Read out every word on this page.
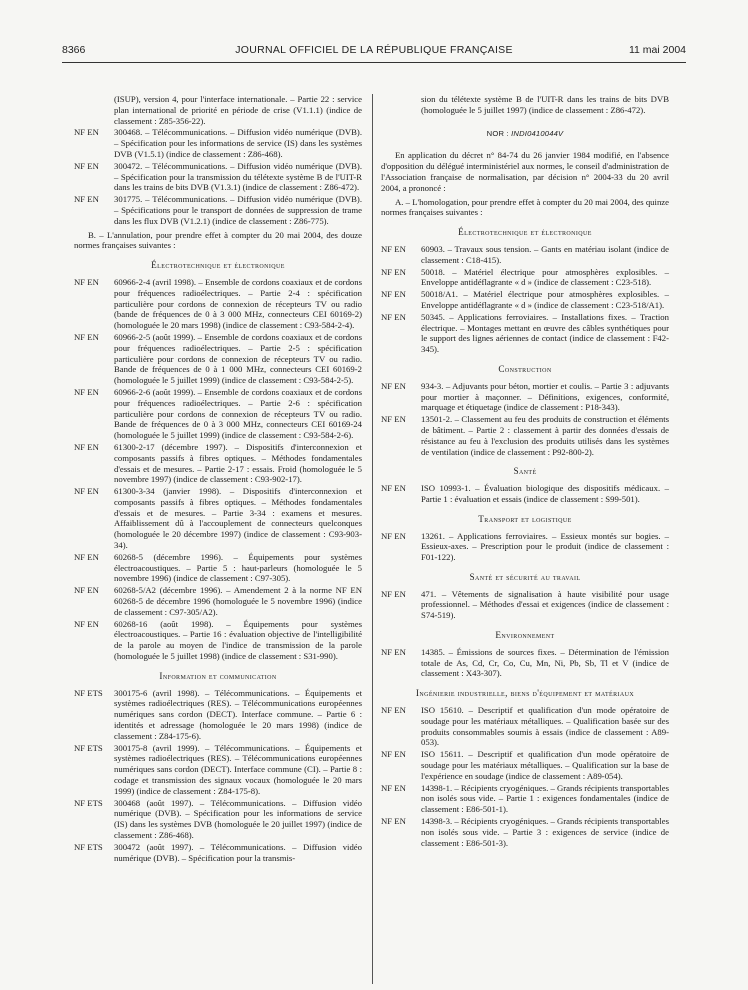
8366	JOURNAL OFFICIEL DE LA RÉPUBLIQUE FRANÇAISE	11 mai 2004
(ISUP), version 4, pour l'interface internationale. – Partie 22 : service plan international de priorité en période de crise (V1.1.1) (indice de classement : Z85-356-22).
NF EN 300468. – Télécommunications. – Diffusion vidéo numérique (DVB). – Spécification pour les informations de service (IS) dans les systèmes DVB (V1.5.1) (indice de classement : Z86-468).
NF EN 300472. – Télécommunications. – Diffusion vidéo numérique (DVB). – Spécification pour la transmission du télétexte système B de l'UIT-R dans les trains de bits DVB (V1.3.1) (indice de classement : Z86-472).
NF EN 301775. – Télécommunications. – Diffusion vidéo numérique (DVB). – Spécifications pour le transport de données de suppression de trame dans les flux DVB (V1.2.1) (indice de classement : Z86-775).
B. – L'annulation, pour prendre effet à compter du 20 mai 2004, des douze normes françaises suivantes :
Électrotechnique et électronique
NF EN 60966-2-4 (avril 1998). – Ensemble de cordons coaxiaux et de cordons pour fréquences radioélectriques. – Partie 2-4 : spécification particulière pour cordons de connexion de récepteurs TV ou radio (bande de fréquences de 0 à 3 000 MHz, connecteurs CEI 60169-2) (homologuée le 20 mars 1998) (indice de classement : C93-584-2-4).
NF EN 60966-2-5 (août 1999). – Ensemble de cordons coaxiaux et de cordons pour fréquences radioélectriques. – Partie 2-5 : spécification particulière pour cordons de connexion de récepteurs TV ou radio. Bande de fréquences de 0 à 1 000 MHz, connecteurs CEI 60169-2 (homologuée le 5 juillet 1999) (indice de classement : C93-584-2-5).
NF EN 60966-2-6 (août 1999). – Ensemble de cordons coaxiaux et de cordons pour fréquences radioélectriques. – Partie 2-6 : spécification particulière pour cordons de connexion de récepteurs TV ou radio. Bande de fréquences de 0 à 3 000 MHz, connecteurs CEI 60169-24 (homologuée le 5 juillet 1999) (indice de classement : C93-584-2-6).
NF EN 61300-2-17 (décembre 1997). – Dispositifs d'interconnexion et composants passifs à fibres optiques. – Méthodes fondamentales d'essais et de mesures. – Partie 2-17 : essais. Froid (homologuée le 5 novembre 1997) (indice de classement : C93-902-17).
NF EN 61300-3-34 (janvier 1998). – Dispositifs d'interconnexion et composants passifs à fibres optiques. – Méthodes fondamentales d'essais et de mesures. – Partie 3-34 : examens et mesures. Affaiblissement dû à l'accouplement de connecteurs quelconques (homologuée le 20 décembre 1997) (indice de classement : C93-903-34).
NF EN 60268-5 (décembre 1996). – Équipements pour systèmes électroacoustiques. – Partie 5 : haut-parleurs (homologuée le 5 novembre 1996) (indice de classement : C97-305).
NF EN 60268-5/A2 (décembre 1996). – Amendement 2 à la norme NF EN 60268-5 de décembre 1996 (homologuée le 5 novembre 1996) (indice de classement : C97-305/A2).
NF EN 60268-16 (août 1998). – Équipements pour systèmes électroacoustiques. – Partie 16 : évaluation objective de l'intelligibilité de la parole au moyen de l'indice de transmission de la parole (homologuée le 5 juillet 1998) (indice de classement : S31-990).
Information et communication
NF ETS 300175-6 (avril 1998). – Télécommunications. – Équipements et systèmes radioélectriques (RES). – Télécommunications européennes numériques sans cordon (DECT). Interface commune. – Partie 6 : identités et adressage (homologuée le 20 mars 1998) (indice de classement : Z84-175-6).
NF ETS 300175-8 (avril 1999). – Télécommunications. – Équipements et systèmes radioélectriques (RES). – Télécommunications européennes numériques sans cordon (DECT). Interface commune (CI). – Partie 8 : codage et transmission des signaux vocaux (homologuée le 20 mars 1999) (indice de classement : Z84-175-8).
NF ETS 300468 (août 1997). – Télécommunications. – Diffusion vidéo numérique (DVB). – Spécification pour les informations de service (IS) dans les systèmes DVB (homologuée le 20 juillet 1997) (indice de classement : Z86-468).
NF ETS 300472 (août 1997). – Télécommunications. – Diffusion vidéo numérique (DVB). – Spécification pour la transmis-
sion du télétexte système B de l'UIT-R dans les trains de bits DVB (homologuée le 5 juillet 1997) (indice de classement : Z86-472).
NOR : INDI0410044V
En application du décret n° 84-74 du 26 janvier 1984 modifié, en l'absence d'opposition du délégué interministériel aux normes, le conseil d'administration de l'Association française de normalisation, par décision n° 2004-33 du 20 avril 2004, a prononcé :
A. – L'homologation, pour prendre effet à compter du 20 mai 2004, des quinze normes françaises suivantes :
Électrotechnique et électronique
NF EN 60903. – Travaux sous tension. – Gants en matériau isolant (indice de classement : C18-415).
NF EN 50018. – Matériel électrique pour atmosphères explosibles. – Enveloppe antidéflagrante « d » (indice de classement : C23-518).
NF EN 50018/A1. – Matériel électrique pour atmosphères explosibles. – Enveloppe antidéflagrante « d » (indice de classement : C23-518/A1).
NF EN 50345. – Applications ferroviaires. – Installations fixes. – Traction électrique. – Montages mettant en œuvre des câbles synthétiques pour le support des lignes aériennes de contact (indice de classement : F42-345).
Construction
NF EN 934-3. – Adjuvants pour béton, mortier et coulis. – Partie 3 : adjuvants pour mortier à maçonner. – Définitions, exigences, conformité, marquage et étiquetage (indice de classement : P18-343).
NF EN 13501-2. – Classement au feu des produits de construction et éléments de bâtiment. – Partie 2 : classement à partir des données d'essais de résistance au feu à l'exclusion des produits utilisés dans les systèmes de ventilation (indice de classement : P92-800-2).
Santé
NF EN ISO 10993-1. – Évaluation biologique des dispositifs médicaux. – Partie 1 : évaluation et essais (indice de classement : S99-501).
Transport et logistique
NF EN 13261. – Applications ferroviaires. – Essieux montés sur bogies. – Essieux-axes. – Prescription pour le produit (indice de classement : F01-122).
Santé et sécurité au travail
NF EN 471. – Vêtements de signalisation à haute visibilité pour usage professionnel. – Méthodes d'essai et exigences (indice de classement : S74-519).
Environnement
NF EN 14385. – Émissions de sources fixes. – Détermination de l'émission totale de As, Cd, Cr, Co, Cu, Mn, Ni, Pb, Sb, Tl et V (indice de classement : X43-307).
Ingénierie industrielle, biens d'équipement et matériaux
NF EN ISO 15610. – Descriptif et qualification d'un mode opératoire de soudage pour les matériaux métalliques. – Qualification basée sur des produits consommables soumis à essais (indice de classement : A89-053).
NF EN ISO 15611. – Descriptif et qualification d'un mode opératoire de soudage pour les matériaux métalliques. – Qualification sur la base de l'expérience en soudage (indice de classement : A89-054).
NF EN 14398-1. – Récipients cryogéniques. – Grands récipients transportables non isolés sous vide. – Partie 1 : exigences fondamentales (indice de classement : E86-501-1).
NF EN 14398-3. – Récipients cryogéniques. – Grands récipients transportables non isolés sous vide. – Partie 3 : exigences de service (indice de classement : E86-501-3).
